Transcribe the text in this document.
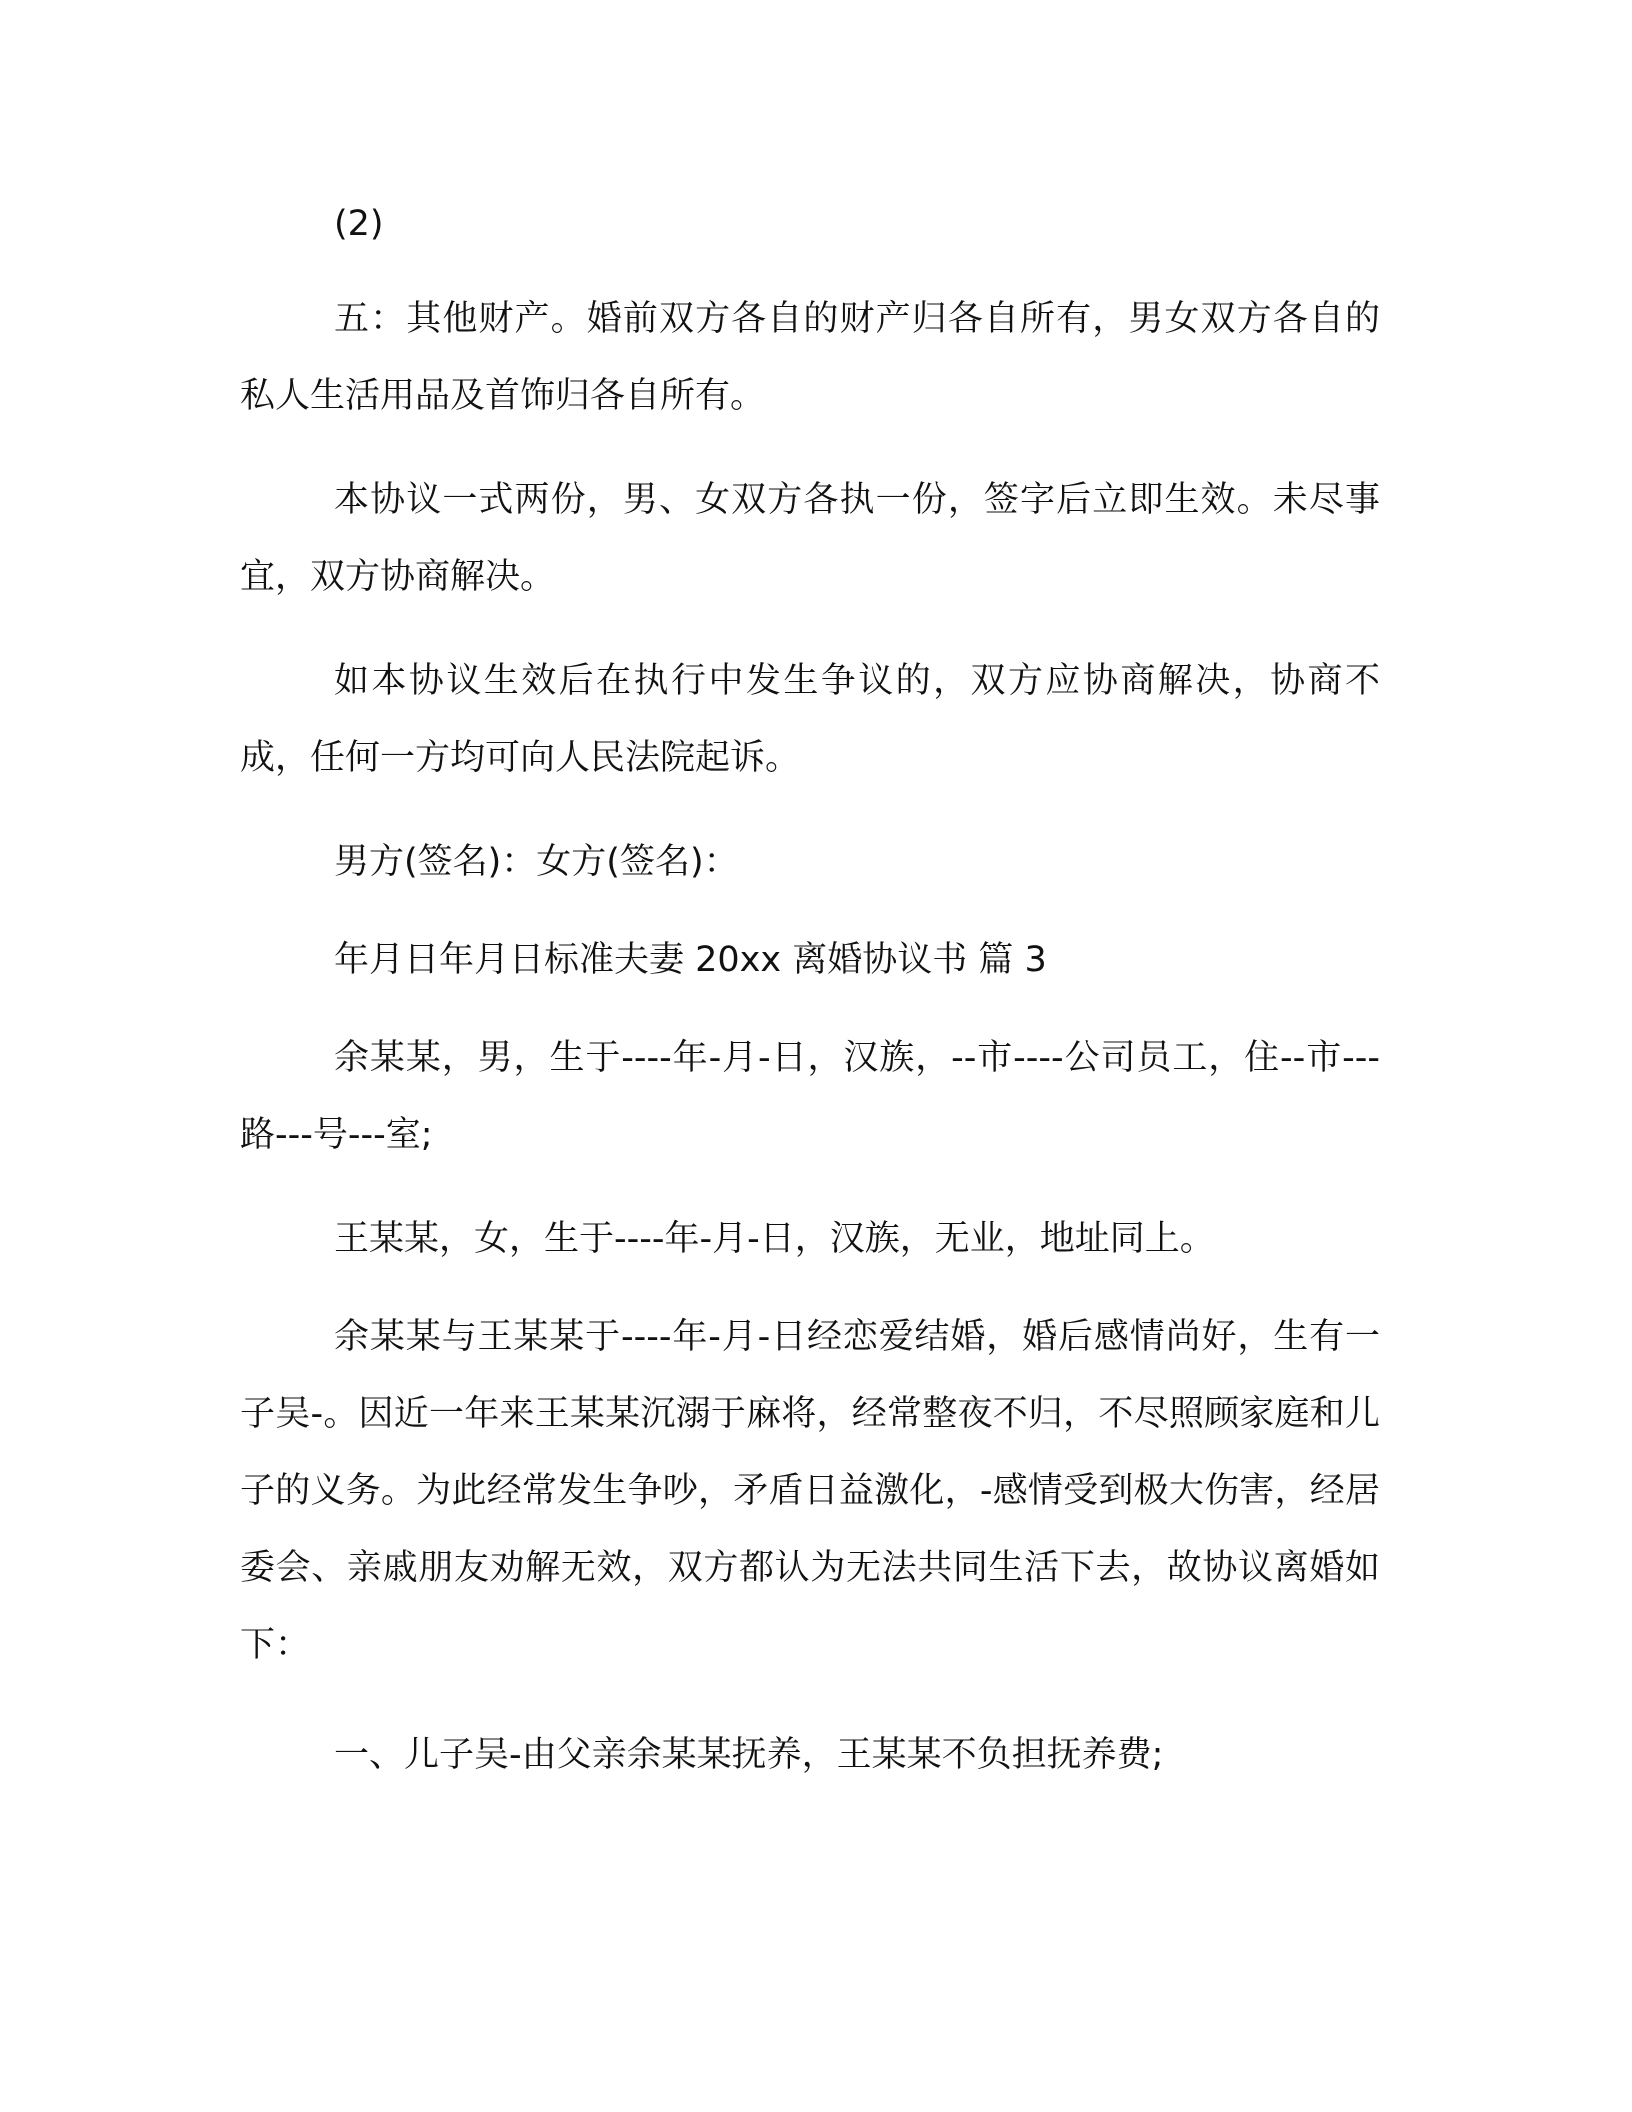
(2)

五：其他财产。婚前双方各自的财产归各自所有，男女双方各自的私人生活用品及首饰归各自所有。

本协议一式两份，男、女双方各执一份，签字后立即生效。未尽事宜，双方协商解决。

如本协议生效后在执行中发生争议的，双方应协商解决，协商不成，任何一方均可向人民法院起诉。

男方(签名)：女方(签名)：

年月日年月日标准夫妻 20xx 离婚协议书 篇 3

余某某，男，生于----年-月-日，汉族，--市----公司员工，住--市---路---号---室;

王某某，女，生于----年-月-日，汉族，无业，地址同上。

余某某与王某某于----年-月-日经恋爱结婚，婚后感情尚好，生有一子吴-。因近一年来王某某沉溺于麻将，经常整夜不归，不尽照顾家庭和儿子的义务。为此经常发生争吵，矛盾日益激化，-感情受到极大伤害，经居委会、亲戚朋友劝解无效，双方都认为无法共同生活下去，故协议离婚如下：

一、儿子吴-由父亲余某某抚养，王某某不负担抚养费;
